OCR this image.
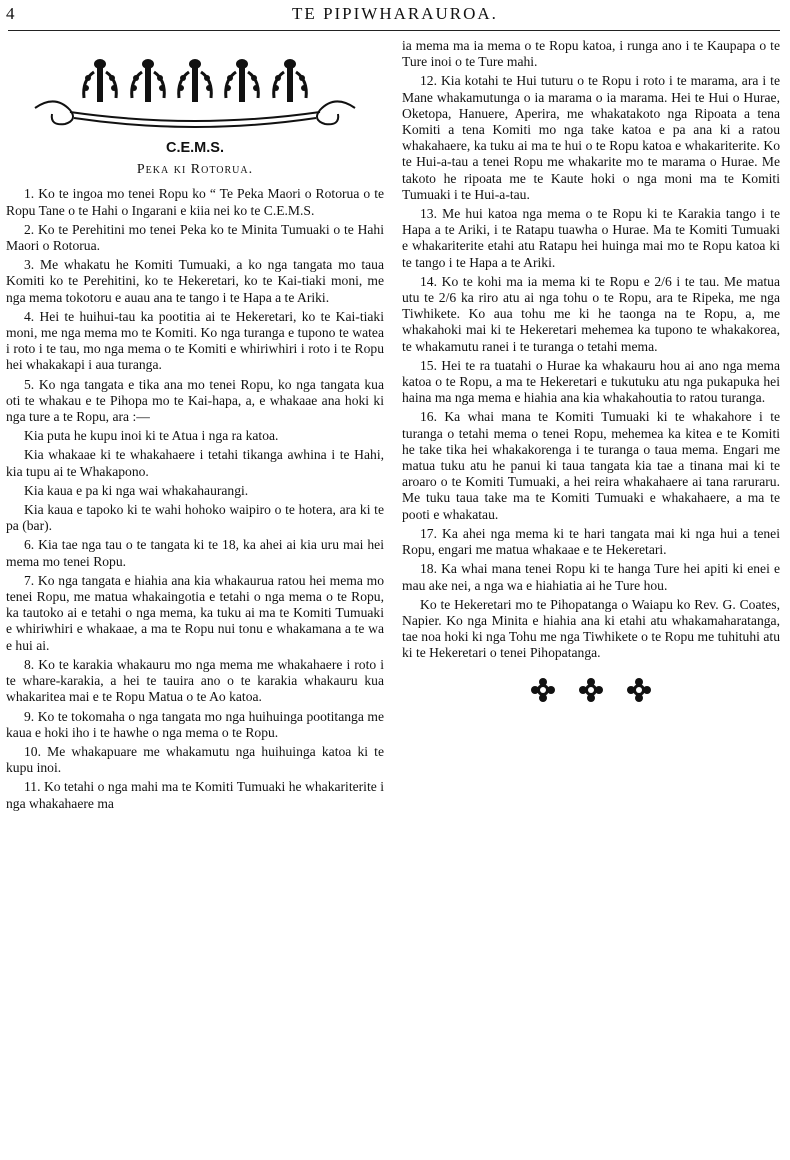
4	TE PIPIWHARAUROA.
C.E.M.S.
Peka ki Rotorua.

1. Ko te ingoa mo tenei Ropu ko “ Te Peka Maori o Rotorua o te Ropu Tane o te Hahi o Ingarani e kiia nei ko te C.E.M.S.

2. Ko te Perehitini mo tenei Peka ko te Minita Tumuaki o te Hahi Maori o Rotorua.

3. Me whakatu he Komiti Tumuaki, a ko nga tangata mo taua Komiti ko te Perehitini, ko te Hekeretari, ko te Kai-tiaki moni, me nga mema tokotoru e auau ana te tango i te Hapa a te Ariki.

4. Hei te huihui-tau ka pootitia ai te Hekeretari, ko te Kai-tiaki moni, me nga mema mo te Komiti. Ko nga turanga e tupono te watea i roto i te tau, mo nga mema o te Komiti e whiriwhiri i roto i te Ropu hei whakakapi i aua turanga.

5. Ko nga tangata e tika ana mo tenei Ropu, ko nga tangata kua oti te whakau e te Pihopa mo te Kai-hapa, a, e whakaae ana hoki ki nga ture a te Ropu, ara :—

Kia puta he kupu inoi ki te Atua i nga ra katoa.

Kia whakaae ki te whakahaere i tetahi tikanga awhina i te Hahi, kia tupu ai te Whakapono.

Kia kaua e pa ki nga wai whakahaurangi.

Kia kaua e tapoko ki te wahi hohoko waipiro o te hotera, ara ki te pa (bar).

6. Kia tae nga tau o te tangata ki te 18, ka ahei ai kia uru mai hei mema mo tenei Ropu.

7. Ko nga tangata e hiahia ana kia whakaurua ratou hei mema mo tenei Ropu, me matua whakaingotia e tetahi o nga mema o te Ropu, ka tautoko ai e tetahi o nga mema, ka tuku ai ma te Komiti Tumuaki e whiriwhiri e whakaae, a ma te Ropu nui tonu e whakamana a te wa e hui ai.

8. Ko te karakia whakauru mo nga mema me whakahaere i roto i te whare-karakia, a hei te tauira ano o te karakia whakauru kua whakaritea mai e te Ropu Matua o te Ao katoa.

9. Ko te tokomaha o nga tangata mo nga huihuinga pootitanga me kaua e hoki iho i te hawhe o nga mema o te Ropu.

10. Me whakapuare me whakamutu nga huihuinga katoa ki te kupu inoi.

11. Ko tetahi o nga mahi ma te Komiti Tumuaki he whakariterite i nga whakahaere ma

ia mema ma ia mema o te Ropu katoa, i runga ano i te Kaupapa o te Ture inoi o te Ture mahi.

12. Kia kotahi te Hui tuturu o te Ropu i roto i te marama, ara i te Mane whakamutunga o ia marama o ia marama. Hei te Hui o Hurae, Oketopa, Hanuere, Aperira, me whakatakoto nga Ripoata a tena Komiti a tena Komiti mo nga take katoa e pa ana ki a ratou whakahaere, ka tuku ai ma te hui o te Ropu katoa e whakariterite. Ko te Hui-a-tau a tenei Ropu me whakarite mo te marama o Hurae. Me takoto he ripoata me te Kaute hoki o nga moni ma te Komiti Tumuaki i te Hui-a-tau.

13. Me hui katoa nga mema o te Ropu ki te Karakia tango i te Hapa a te Ariki, i te Ratapu tuawha o Hurae. Ma te Komiti Tumuaki e whakariterite etahi atu Ratapu hei huinga mai mo te Ropu katoa ki te tango i te Hapa a te Ariki.

14. Ko te kohi ma ia mema ki te Ropu e 2/6 i te tau. Me matua utu te 2/6 ka riro atu ai nga tohu o te Ropu, ara te Ripeka, me nga Tiwhikete. Ko aua tohu me ki he taonga na te Ropu, a, me whakahoki mai ki te Hekeretari mehemea ka tupono te whakakorea, te whakamutu ranei i te turanga o tetahi mema.

15. Hei te ra tuatahi o Hurae ka whakauru hou ai ano nga mema katoa o te Ropu, a ma te Hekeretari e tukutuku atu nga pukapuka hei haina ma nga mema e hiahia ana kia whakahoutia to ratou turanga.

16. Ka whai mana te Komiti Tumuaki ki te whakahore i te turanga o tetahi mema o tenei Ropu, mehemea ka kitea e te Komiti he take tika hei whakakorenga i te turanga o taua mema. Engari me matua tuku atu he panui ki taua tangata kia tae a tinana mai ki te aroaro o te Komiti Tumuaki, a hei reira whakahaere ai tana raruraru. Me tuku taua take ma te Komiti Tumuaki e whakahaere, a ma te pooti e whakatau.

17. Ka ahei nga mema ki te hari tangata mai ki nga hui a tenei Ropu, engari me matua whakaae e te Hekeretari.

18. Ka whai mana tenei Ropu ki te hanga Ture hei apiti ki enei e mau ake nei, a nga wa e hiahiatia ai he Ture hou.

Ko te Hekeretari mo te Pihopatanga o Waiapu ko Rev. G. Coates, Napier. Ko nga Minita e hiahia ana ki etahi atu whakamaharatanga, tae noa hoki ki nga Tohu me nga Tiwhikete o te Ropu me tuhituhi atu ki te Hekeretari o tenei Pihopatanga.
